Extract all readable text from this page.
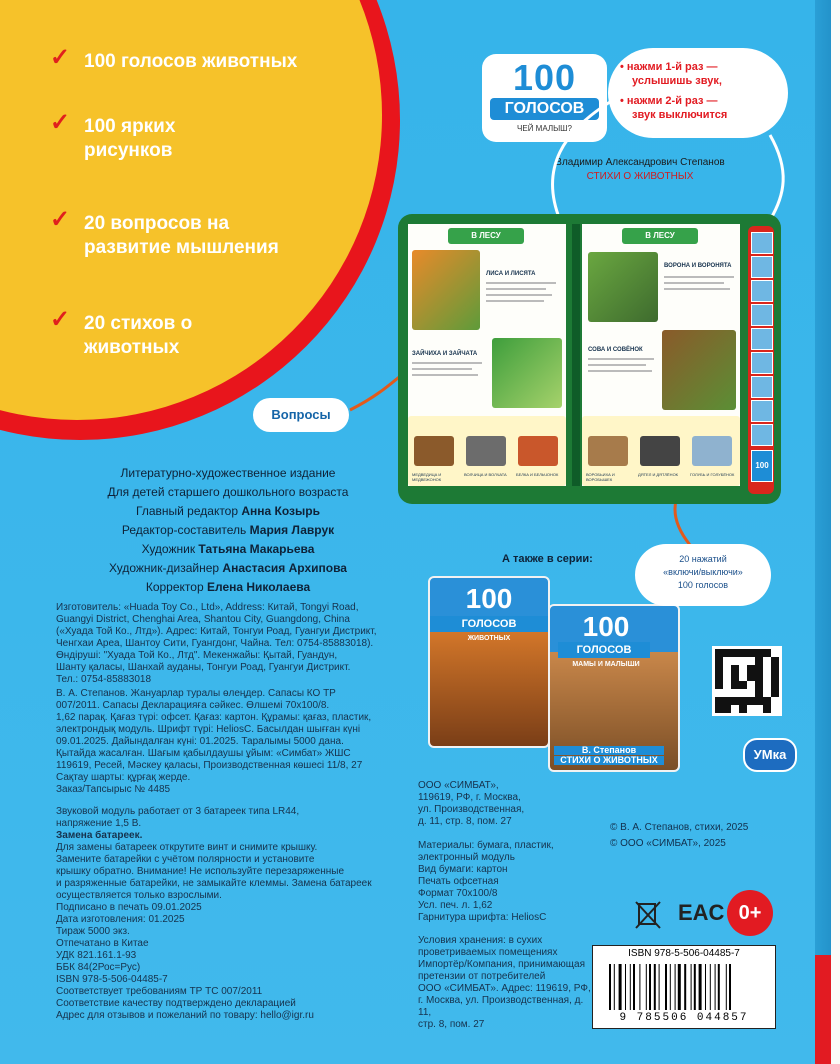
✓ 100 голосов животных
✓ 100 ярких рисунков
✓ 20 вопросов на развитие мышления
✓ 20 стихов о животных
100
ГОЛОСОВ
ЧЕЙ МАЛЫШ?

• нажми 1-й раз —

услышишь звук,

• нажми 2-й раз —

звук выключится

Владимир Александрович Степанов
СТИХИ О ЖИВОТНЫХ
В ЛЕСУ
ЛИСА И ЛИСЯТА
ЗАЙЧИХА И ЗАЙЧАТА
МЕДВЕДИЦА И МЕДВЕЖОНОК
ВОЛЧИЦА И ВОЛЧАТА	БЕЛКА И БЕЛЬЧОНОК
В ЛЕСУ
ВОРОНА И ВОРОНЯТА
СОВА И СОВЁНОК
ВОРОБЬИХА И ВОРОБЫШЕК
ДЯТЕЛ И ДЯТЛЁНОК	ГОЛУБЬ И ГОЛУБЁНОК
100
Вопросы
Литературно-художественное издание
Для детей старшего дошкольного возраста
Главный редактор Анна Козырь
Редактор-составитель Мария Лаврук
Художник Татьяна Макарьева
Художник-дизайнер Анастасия Архипова
Корректор Елена Николаева

Изготовитель: «Huada Toy Co., Ltd», Address: Китай, Tongyi Road,

Guangyi District, Chenghai Area, Shantou City, Guangdong, China

(«Хуада Той Ко., Лтд»). Адрес: Китай, Тонгуи Роад, Гуангуи Дистрикт,

Ченгхаи Ареа, Шантоу Сити, Гуангдонг, Чайна. Тел: 0754-85883018).

Өндіруші: "Хуада Той Ко., Лтд". Мекенжайы: Қытай, Гуандун,

Шанту қаласы, Шанхай ауданы, Тонгуи Роад, Гуангуи Дистрикт.

Тел.: 0754-85883018

В. А. Степанов. Жануарлар туралы өлеңдер. Сапасы КО ТР

007/2011. Сапасы Декларацияға сәйкес. Өлшемі 70х100/8.

1,62 парақ. Қағаз түрі: офсет. Қағаз: картон. Құрамы: қағаз, пластик,

электрондық модуль. Шрифт түрі: HeliosC. Басылдан шығған күні

09.01.2025. Дайындалған күні: 01.2025. Таралымы 5000 дана.

Қытайда жасалған. Шағым қабылдаушы ұйым: «Симбат» ЖШС

119619, Ресей, Мәскеу қаласы, Производственная көшесі 11/8, 27

Сақтау шарты: құрғақ жерде.

Заказ/Тапсырыс № 4485

Звуковой модуль работает от 3 батареек типа LR44,

напряжение 1,5 В.

Замена батареек.

Для замены батареек открутите винт и снимите крышку.

Замените батарейки с учётом полярности и установите

крышку обратно. Внимание! Не используйте перезаряженные

и разряженные батарейки, не замыкайте клеммы. Замена батареек

осуществляется только взрослыми.

Подписано в печать 09.01.2025

Дата изготовления: 01.2025

Тираж 5000 экз.

Отпечатано в Китае

УДК 821.161.1-93

ББК 84(2Рос=Рус)

ISBN 978-5-506-04485-7

Соответствует требованиям ТР ТС 007/2011

Соответствие качеству подтверждено декларацией

Адрес для отзывов и пожеланий по товару: hello@igr.ru

А также в серии:
100
ГОЛОСОВ
ЖИВОТНЫХ	100
ГОЛОСОВ
МАМЫ И МАЛЫШИ
В. Степанов
СТИХИ О ЖИВОТНЫХ

20 нажатий

«включи/выключи»

100 голосов

УМка

ООО «СИМБАТ»,

119619, РФ, г. Москва,

ул. Производственная,

д. 11, стр. 8, пом. 27

Материалы: бумага, пластик,

электронный модуль

Вид бумаги: картон

Печать офсетная

Формат 70х100/8

Усл. печ. л. 1,62

Гарнитура шрифта: HeliosC

Условия хранения: в сухих

проветриваемых помещениях

Импортёр/Компания, принимающая

претензии от потребителей

ООО «СИМБАТ». Адрес: 119619, РФ,

г. Москва, ул. Производственная, д. 11,

стр. 8, пом. 27

© В. А. Степанов, стихи, 2025

© ООО «СИМБАТ», 2025

EAC 0+
ISBN 978-5-506-04485-7
9 785506 044857
